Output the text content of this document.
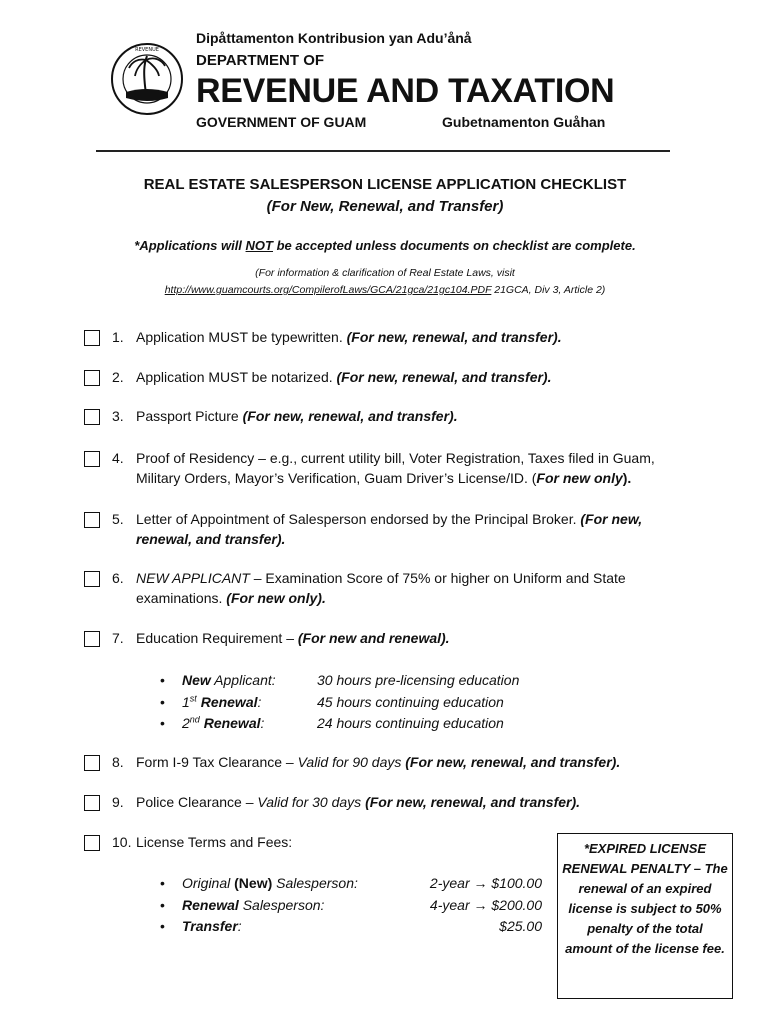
REVENUE
Dipåttamenton Kontribusion yan Adu’ånå
DEPARTMENT OF
REVENUE AND TAXATION
GOVERNMENT OF GUAM	Gubetnamenton Guåhan
REAL ESTATE SALESPERSON LICENSE APPLICATION CHECKLIST
(For New, Renewal, and Transfer)
*Applications will NOT be accepted unless documents on checklist are complete.
(For information & clarification of Real Estate Laws, visit
http://www.guamcourts.org/CompilerofLaws/GCA/21gca/21gc104.PDF 21GCA, Div 3, Article 2)
1. Application MUST be typewritten. (For new, renewal, and transfer).
2. Application MUST be notarized. (For new, renewal, and transfer).
3. Passport Picture (For new, renewal, and transfer).
4. Proof of Residency – e.g., current utility bill, Voter Registration, Taxes filed in Guam,
Military Orders, Mayor’s Verification, Guam Driver’s License/ID. (For new only).
5. Letter of Appointment of Salesperson endorsed by the Principal Broker. (For new,
renewal, and transfer).
6. NEW APPLICANT – Examination Score of 75% or higher on Uniform and State
examinations. (For new only).
7. Education Requirement – (For new and renewal).
• New Applicant:	30 hours pre-licensing education
• 1st Renewal:	45 hours continuing education
• 2nd Renewal:	24 hours continuing education
8. Form I-9 Tax Clearance – Valid for 90 days (For new, renewal, and transfer).
9. Police Clearance – Valid for 30 days (For new, renewal, and transfer).
10. License Terms and Fees:
• Original (New) Salesperson:	2-year → $100.00
• Renewal Salesperson:	4-year → $200.00
• Transfer:	$25.00
*EXPIRED LICENSE RENEWAL PENALTY – The renewal of an expired license is subject to 50% penalty of the total amount of the license fee.
